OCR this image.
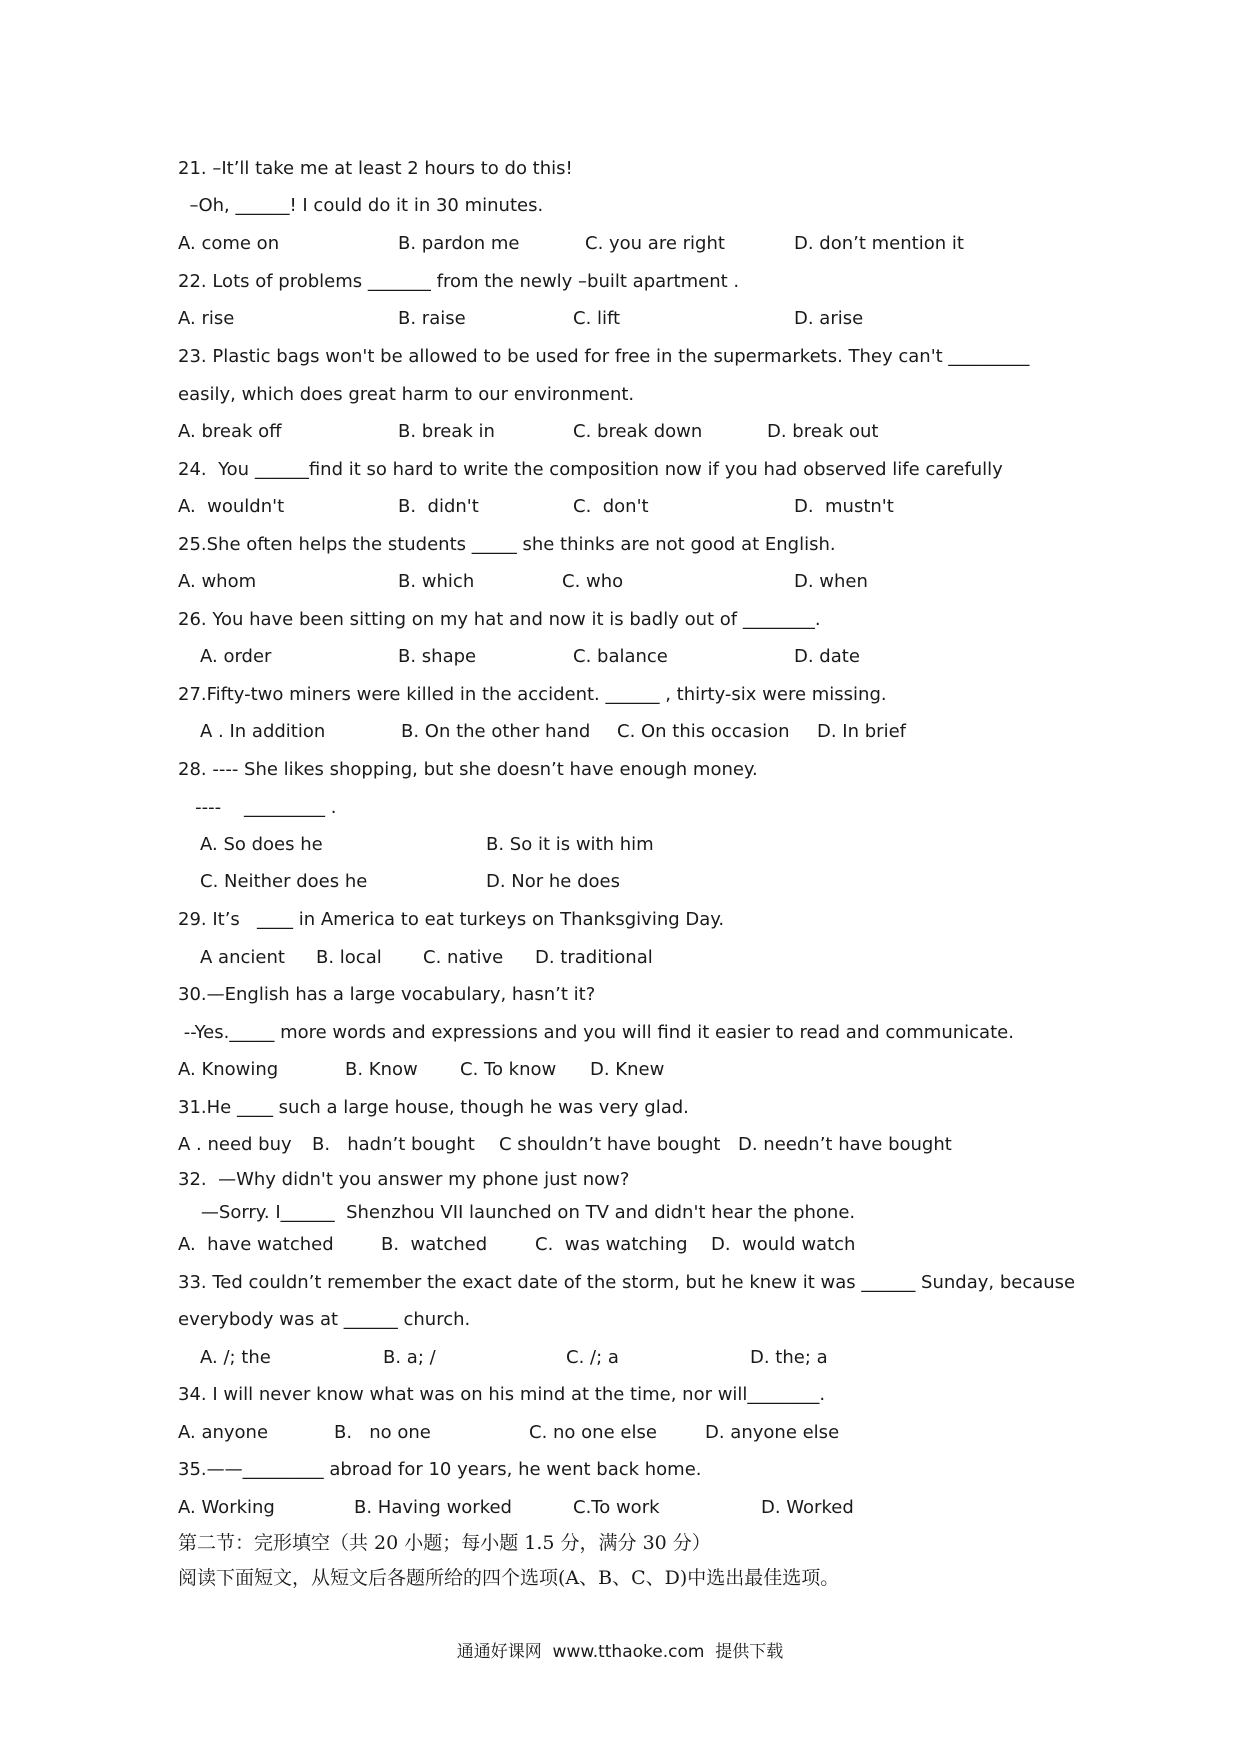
21. –It’ll take me at least 2 hours to do this!
–Oh, ______! I could do it in 30 minutes.
A. come on	B. pardon me	C. you are right	D. don’t mention it
22. Lots of problems _______ from the newly –built apartment .
A. rise	B. raise	C. lift	D. arise
23. Plastic bags won't be allowed to be used for free in the supermarkets. They can't _________
easily, which does great harm to our environment.
A. break off	B. break in	C. break down	D. break out
24.  You ______find it so hard to write the composition now if you had observed life carefully
A.  wouldn't	B.  didn't	C.  don't	D.  mustn't
25.She often helps the students _____ she thinks are not good at English.
A. whom	B. which	C. who	D. when
26. You have been sitting on my hat and now it is badly out of ________.
A. order	B. shape	C. balance	D. date
27.Fifty-two miners were killed in the accident. ______ , thirty-six were missing.
A . In addition	B. On the other hand C. On this occasion D. In brief
28. ---- She likes shopping, but she doesn’t have enough money.
----    _________ .
A. So does he	B. So it is with him
C. Neither does he	D. Nor he does
29. It’s   ____ in America to eat turkeys on Thanksgiving Day.
A ancient B. local C. native D. traditional
30.—English has a large vocabulary, hasn’t it?
--Yes._____ more words and expressions and you will find it easier to read and communicate.
A. Knowing	B. Know C. To know D. Knew
31.He ____ such a large house, though he was very glad.
A . need buy B.   hadn’t bought C shouldn’t have bought D. needn’t have bought
32.  —Why didn't you answer my phone just now?
—Sorry. I______  Shenzhou VII launched on TV and didn't hear the phone.
A.  have watched	B.  watched	C.  was watching D.  would watch
33. Ted couldn’t remember the exact date of the storm, but he knew it was ______ Sunday, because
everybody was at ______ church.
A. /; the	B. a; /	C. /; a	D. the; a
34. I will never know what was on his mind at the time, nor will________.
A. anyone	B.   no one	C. no one else	D. anyone else
35.——_________ abroad for 10 years, he went back home.
A. Working	B. Having worked	C.To work	D. Worked
第二节：完形填空（共 20 小题；每小题 1.5 分，满分 30 分）
阅读下面短文，从短文后各题所给的四个选项(A、B、C、D)中选出最佳选项。
通通好课网  www.tthaoke.com  提供下载
